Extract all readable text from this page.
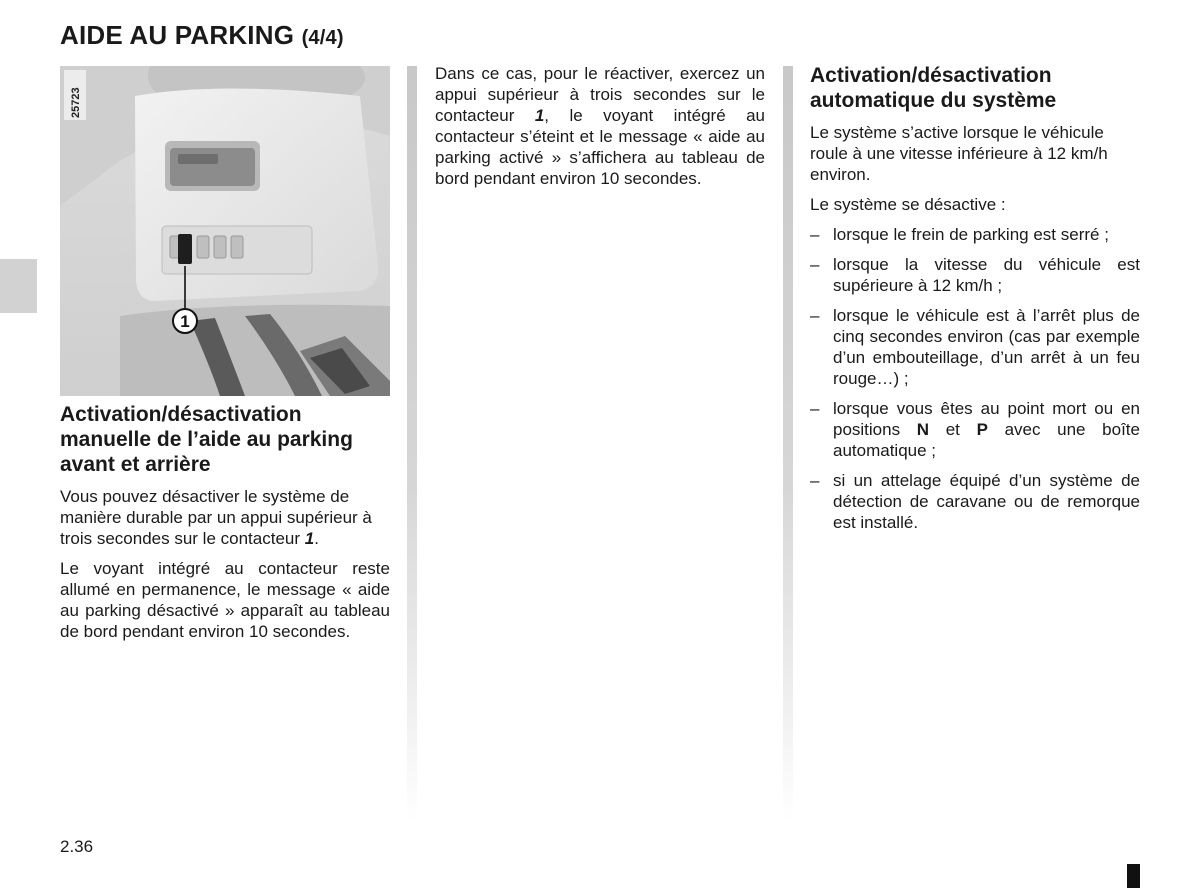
AIDE AU PARKING (4/4)
1
25723
Activation/désactivation manuelle de l’aide au parking avant et arrière

Vous pouvez désactiver le système de manière durable par un appui supérieur à trois secondes sur le contacteur 1.

Le voyant intégré au contacteur reste allumé en permanence, le message « aide au parking désactivé » apparaît au tableau de bord pendant environ 10 secondes.

Dans ce cas, pour le réactiver, exercez un appui supérieur à trois secondes sur le contacteur 1, le voyant intégré au contacteur s’éteint et le message « aide au parking activé » s’affichera au tableau de bord pendant environ 10 secondes.

Activation/désactivation automatique du système

Le système s’active lorsque le véhicule roule à une vitesse inférieure à 12 km/h environ.

Le système se désactive :

– lorsque le frein de parking est serré ;
– lorsque la vitesse du véhicule est supérieure à 12 km/h ;
– lorsque le véhicule est à l’arrêt plus de cinq secondes environ (cas par exemple d’un embouteillage, d’un arrêt à un feu rouge…) ;
– lorsque vous êtes au point mort ou en positions N et P avec une boîte automatique ;
– si un attelage équipé d’un système de détection de caravane ou de remorque est installé.
2.36
